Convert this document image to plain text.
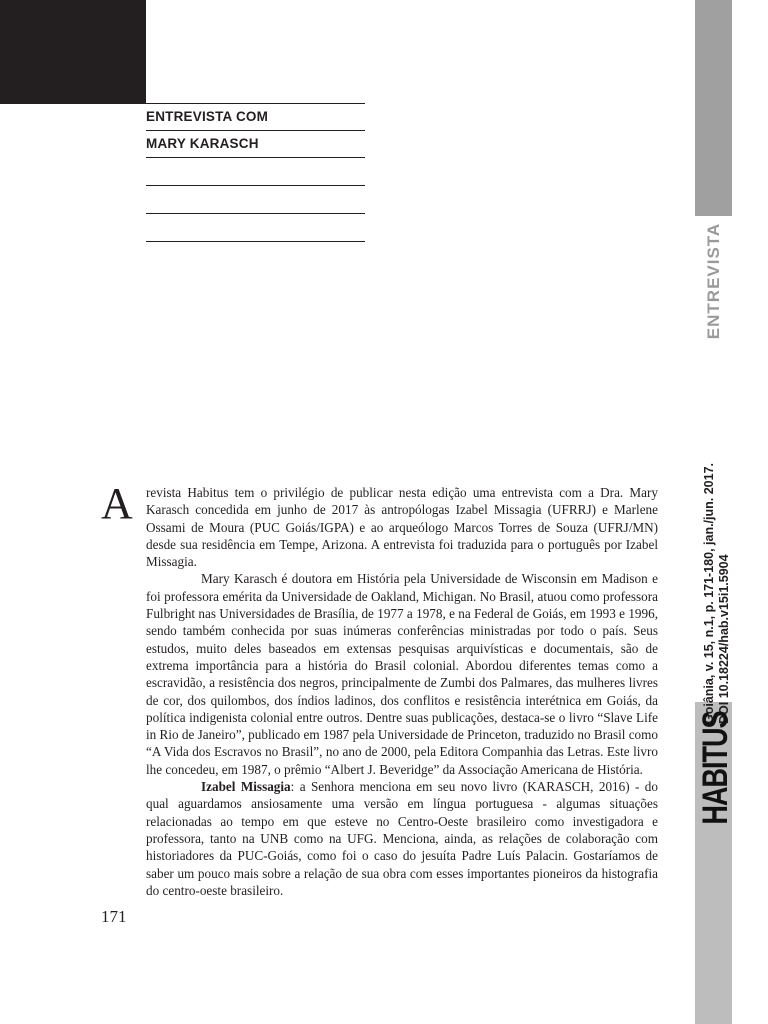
ENTREVISTA COM
MARY KARASCH
ENTREVISTA
Goiânia, v. 15, n.1, p. 171-180, jan./jun. 2017. DOI 10.18224/hab.v15i1.5904
HABITUS
A revista Habitus tem o privilégio de publicar nesta edição uma entrevista com a Dra. Mary Karasch concedida em junho de 2017 às antropólogas Izabel Missagia (UFRRJ) e Marlene Ossami de Moura (PUC Goiás/IGPA) e ao arqueólogo Marcos Torres de Souza (UFRJ/MN) desde sua residência em Tempe, Arizona. A entrevista foi traduzida para o português por Izabel Missagia.

Mary Karasch é doutora em História pela Universidade de Wisconsin em Madison e foi professora emérita da Universidade de Oakland, Michigan. No Brasil, atuou como professora Fulbright nas Universidades de Brasília, de 1977 a 1978, e na Federal de Goiás, em 1993 e 1996, sendo também conhecida por suas inúmeras conferências ministradas por todo o país. Seus estudos, muito deles baseados em extensas pesquisas arquivísticas e documentais, são de extrema importância para a história do Brasil colonial. Abordou diferentes temas como a escravidão, a resistência dos negros, principalmente de Zumbi dos Palmares, das mulheres livres de cor, dos quilombos, dos índios ladinos, dos conflitos e resistência interétnica em Goiás, da política indigenista colonial entre outros. Dentre suas publicações, destaca-se o livro “Slave Life in Rio de Janeiro”, publicado em 1987 pela Universidade de Princeton, traduzido no Brasil como “A Vida dos Escravos no Brasil”, no ano de 2000, pela Editora Companhia das Letras. Este livro lhe concedeu, em 1987, o prêmio “Albert J. Beveridge” da Associação Americana de História.

Izabel Missagia: a Senhora menciona em seu novo livro (KARASCH, 2016) - do qual aguardamos ansiosamente uma versão em língua portuguesa - algumas situações relacionadas ao tempo em que esteve no Centro-Oeste brasileiro como investigadora e professora, tanto na UNB como na UFG. Menciona, ainda, as relações de colaboração com historiadores da PUC-Goiás, como foi o caso do jesuíta Padre Luís Palacin. Gostaríamos de saber um pouco mais sobre a relação de sua obra com esses importantes pioneiros da histografia do centro-oeste brasileiro.

171
